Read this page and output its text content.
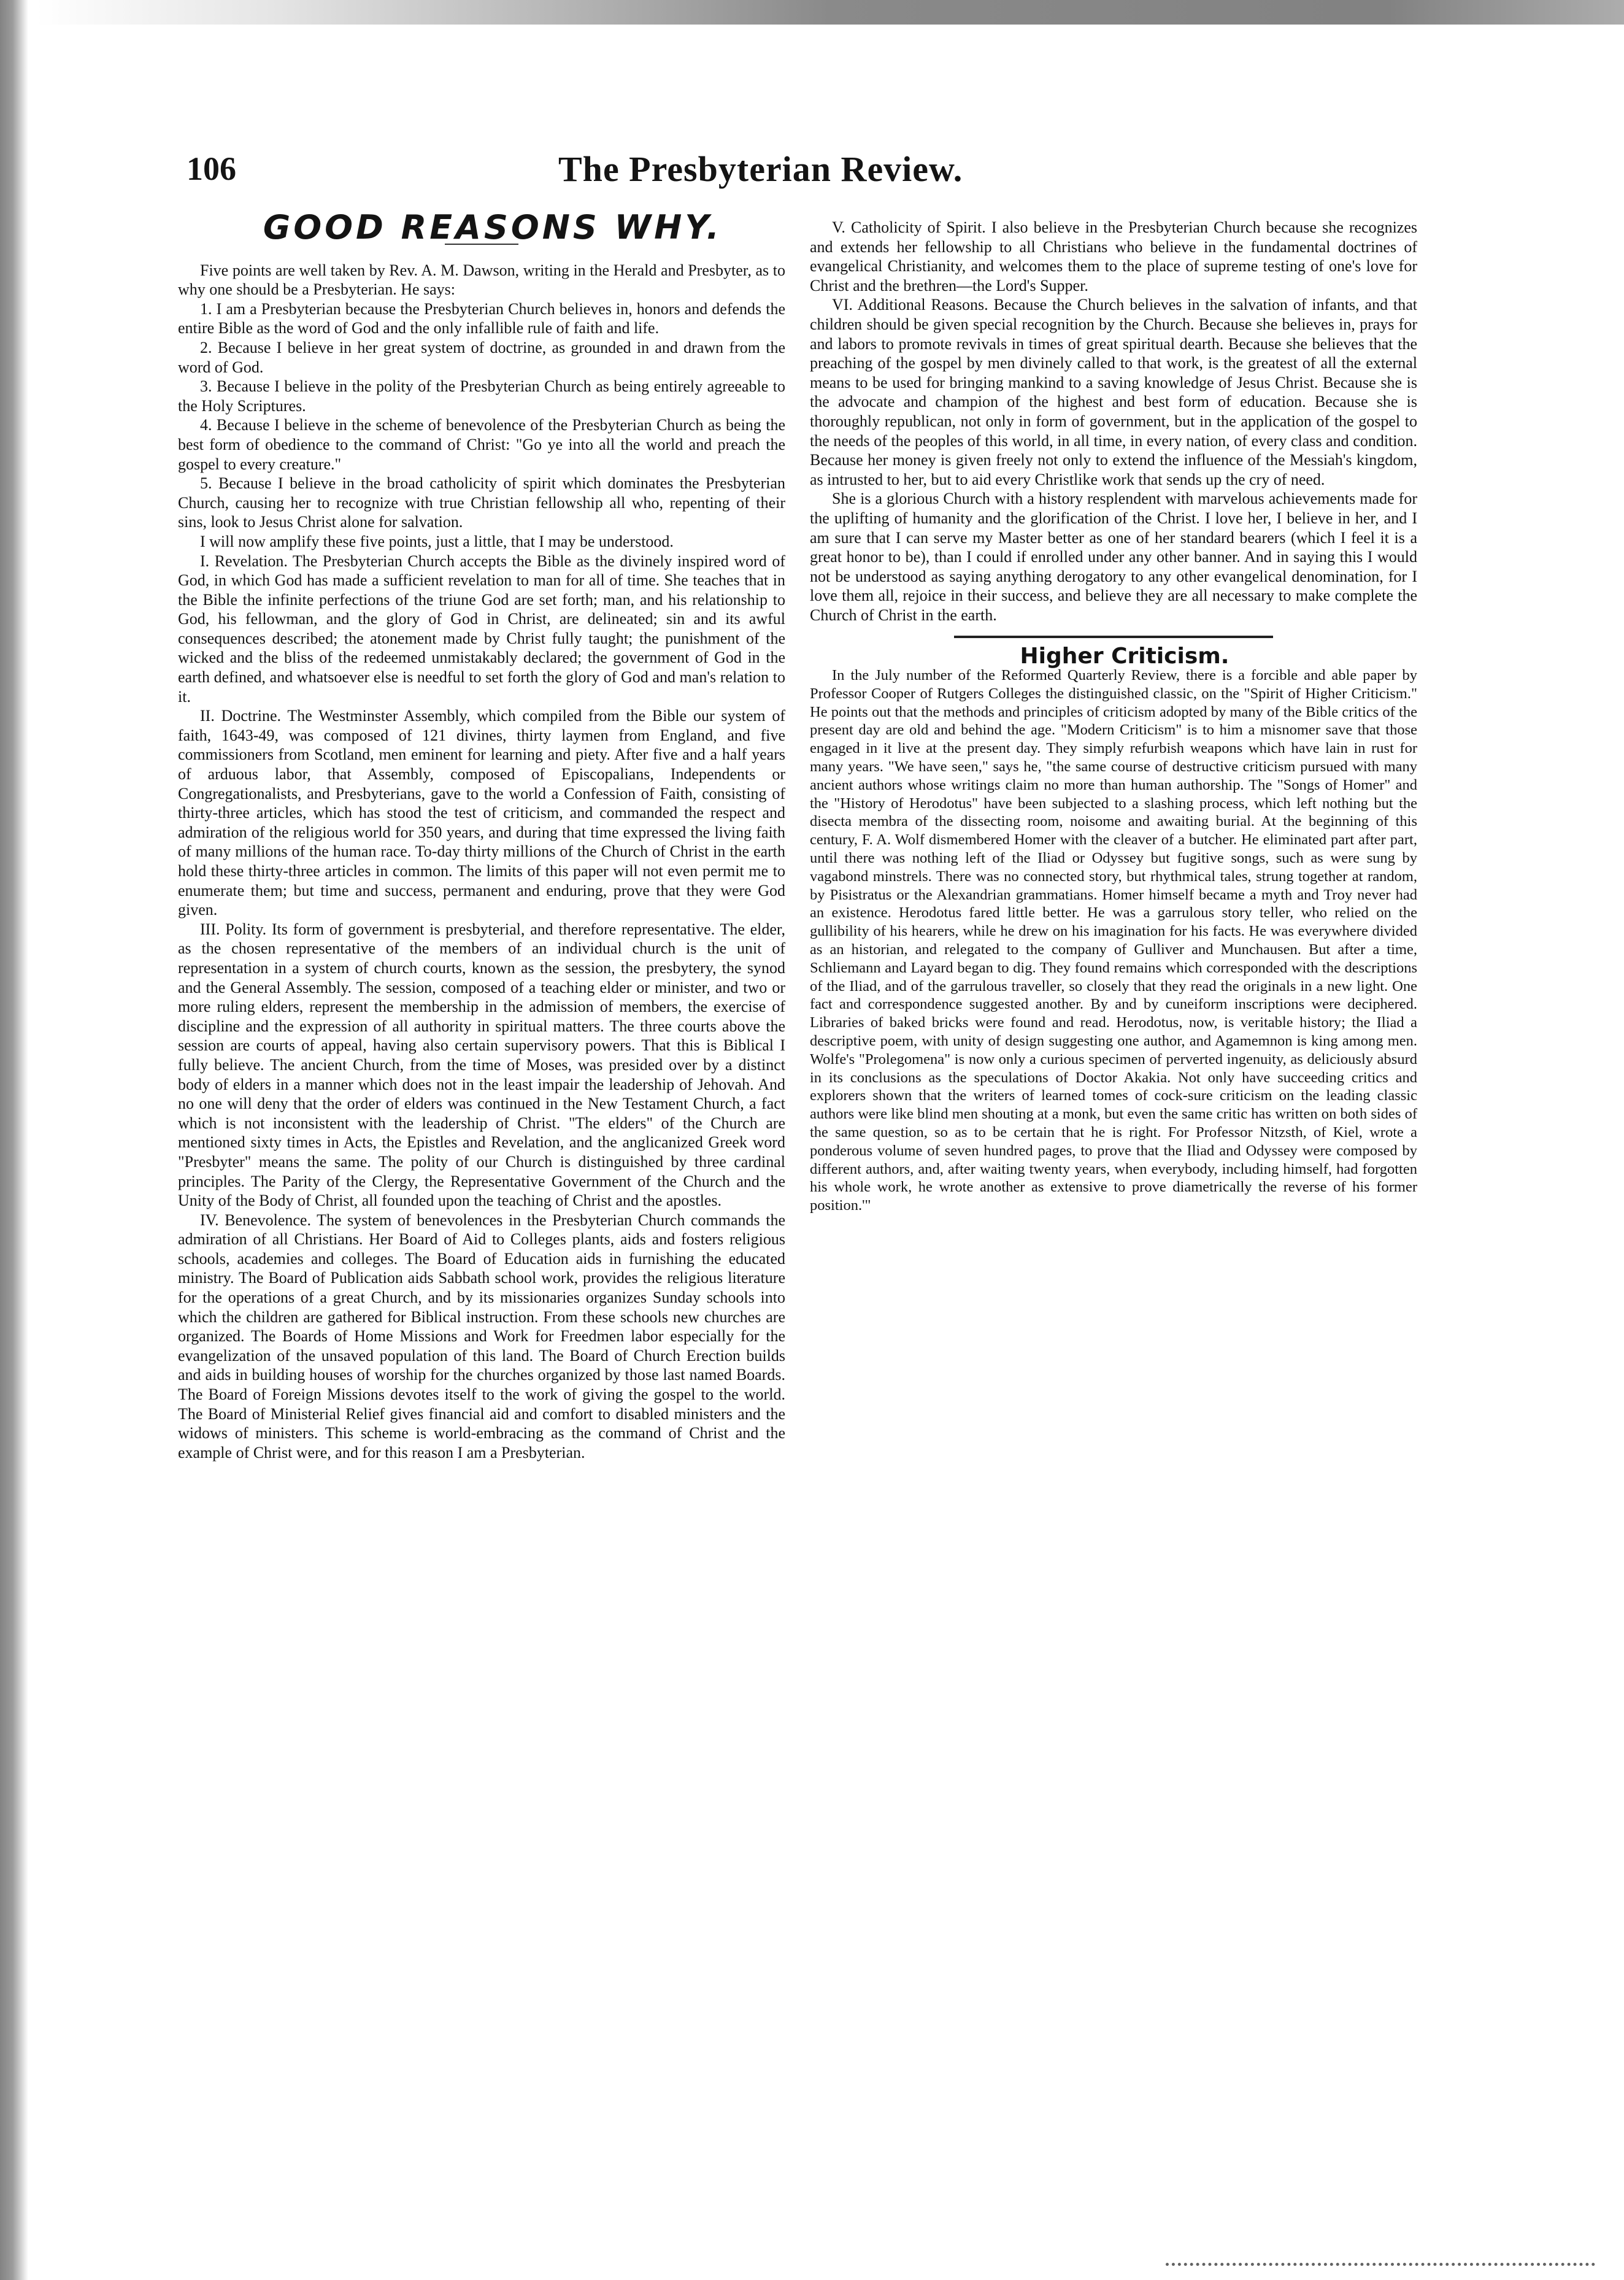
106	The Presbyterian Review.

GOOD REASONS WHY.

Five points are well taken by Rev. A. M. Dawson, writing in the Herald and Presbyter, as to why one should be a Presbyterian. He says:

1. I am a Presbyterian because the Presbyterian Church believes in, honors and defends the entire Bible as the word of God and the only infallible rule of faith and life.

2. Because I believe in her great system of doctrine, as grounded in and drawn from the word of God.

3. Because I believe in the polity of the Presbyterian Church as being entirely agreeable to the Holy Scriptures.

4. Because I believe in the scheme of benevolence of the Presbyterian Church as being the best form of obedience to the command of Christ: "Go ye into all the world and preach the gospel to every creature."

5. Because I believe in the broad catholicity of spirit which dominates the Presbyterian Church, causing her to recognize with true Christian fellowship all who, repenting of their sins, look to Jesus Christ alone for salvation.

I will now amplify these five points, just a little, that I may be understood.

I. Revelation. The Presbyterian Church accepts the Bible as the divinely inspired word of God, in which God has made a sufficient revelation to man for all of time. She teaches that in the Bible the infinite perfections of the triune God are set forth; man, and his relationship to God, his fellowman, and the glory of God in Christ, are delineated; sin and its awful consequences described; the atonement made by Christ fully taught; the punishment of the wicked and the bliss of the redeemed unmistakably declared; the government of God in the earth defined, and whatsoever else is needful to set forth the glory of God and man's relation to it.

II. Doctrine. The Westminster Assembly, which compiled from the Bible our system of faith, 1643-49, was composed of 121 divines, thirty laymen from England, and five commissioners from Scotland, men eminent for learning and piety. After five and a half years of arduous labor, that Assembly, composed of Episcopalians, Independents or Congregationalists, and Presbyterians, gave to the world a Confession of Faith, consisting of thirty-three articles, which has stood the test of criticism, and commanded the respect and admiration of the religious world for 350 years, and during that time expressed the living faith of many millions of the human race. To-day thirty millions of the Church of Christ in the earth hold these thirty-three articles in common. The limits of this paper will not even permit me to enumerate them; but time and success, permanent and enduring, prove that they were God given.

III. Polity. Its form of government is presbyterial, and therefore representative. The elder, as the chosen representative of the members of an individual church is the unit of representation in a system of church courts, known as the session, the presbytery, the synod and the General Assembly. The session, composed of a teaching elder or minister, and two or more ruling elders, represent the membership in the admission of members, the exercise of discipline and the expression of all authority in spiritual matters. The three courts above the session are courts of appeal, having also certain supervisory powers. That this is Biblical I fully believe. The ancient Church, from the time of Moses, was presided over by a distinct body of elders in a manner which does not in the least impair the leadership of Jehovah. And no one will deny that the order of elders was continued in the New Testament Church, a fact which is not inconsistent with the leadership of Christ. "The elders" of the Church are mentioned sixty times in Acts, the Epistles and Revelation, and the anglicanized Greek word "Presbyter" means the same. The polity of our Church is distinguished by three cardinal principles. The Parity of the Clergy, the Representative Government of the Church and the Unity of the Body of Christ, all founded upon the teaching of Christ and the apostles.

IV. Benevolence. The system of benevolences in the Presbyterian Church commands the admiration of all Christians. Her Board of Aid to Colleges plants, aids and fosters religious schools, academies and colleges. The Board of Education aids in furnishing the educated ministry. The Board of Publication aids Sabbath school work, provides the religious literature for the operations of a great Church, and by its missionaries organizes Sunday schools into which the children are gathered for Biblical instruction. From these schools new churches are organized. The Boards of Home Missions and Work for Freedmen labor especially for the evangelization of the unsaved population of this land. The Board of Church Erection builds and aids in building houses of worship for the churches organized by those last named Boards. The Board of Foreign Missions devotes itself to the work of giving the gospel to the world. The Board of Ministerial Relief gives financial aid and comfort to disabled ministers and the widows of ministers. This scheme is world-embracing as the command of Christ and the example of Christ were, and for this reason I am a Presbyterian.

V. Catholicity of Spirit. I also believe in the Presbyterian Church because she recognizes and extends her fellowship to all Christians who believe in the fundamental doctrines of evangelical Christianity, and welcomes them to the place of supreme testing of one's love for Christ and the brethren—the Lord's Supper.

VI. Additional Reasons. Because the Church believes in the salvation of infants, and that children should be given special recognition by the Church. Because she believes in, prays for and labors to promote revivals in times of great spiritual dearth. Because she believes that the preaching of the gospel by men divinely called to that work, is the greatest of all the external means to be used for bringing mankind to a saving knowledge of Jesus Christ. Because she is the advocate and champion of the highest and best form of education. Because she is thoroughly republican, not only in form of government, but in the application of the gospel to the needs of the peoples of this world, in all time, in every nation, of every class and condition. Because her money is given freely not only to extend the influence of the Messiah's kingdom, as intrusted to her, but to aid every Christlike work that sends up the cry of need.

She is a glorious Church with a history resplendent with marvelous achievements made for the uplifting of humanity and the glorification of the Christ. I love her, I believe in her, and I am sure that I can serve my Master better as one of her standard bearers (which I feel it is a great honor to be), than I could if enrolled under any other banner. And in saying this I would not be understood as saying anything derogatory to any other evangelical denomination, for I love them all, rejoice in their success, and believe they are all necessary to make complete the Church of Christ in the earth.

Higher Criticism.

In the July number of the Reformed Quarterly Review, there is a forcible and able paper by Professor Cooper of Rutgers Colleges the distinguished classic, on the "Spirit of Higher Criticism." He points out that the methods and principles of criticism adopted by many of the Bible critics of the present day are old and behind the age. "Modern Criticism" is to him a misnomer save that those engaged in it live at the present day. They simply refurbish weapons which have lain in rust for many years. "We have seen," says he, "the same course of destructive criticism pursued with many ancient authors whose writings claim no more than human authorship. The "Songs of Homer" and the "History of Herodotus" have been subjected to a slashing process, which left nothing but the disecta membra of the dissecting room, noisome and awaiting burial. At the beginning of this century, F. A. Wolf dismembered Homer with the cleaver of a butcher. He eliminated part after part, until there was nothing left of the Iliad or Odyssey but fugitive songs, such as were sung by vagabond minstrels. There was no connected story, but rhythmical tales, strung together at random, by Pisistratus or the Alexandrian grammatians. Homer himself became a myth and Troy never had an existence. Herodotus fared little better. He was a garrulous story teller, who relied on the gullibility of his hearers, while he drew on his imagination for his facts. He was everywhere divided as an historian, and relegated to the company of Gulliver and Munchausen. But after a time, Schliemann and Layard began to dig. They found remains which corresponded with the descriptions of the Iliad, and of the garrulous traveller, so closely that they read the originals in a new light. One fact and correspondence suggested another. By and by cuneiform inscriptions were deciphered. Libraries of baked bricks were found and read. Herodotus, now, is veritable history; the Iliad a descriptive poem, with unity of design suggesting one author, and Agamemnon is king among men. Wolfe's "Prolegomena" is now only a curious specimen of perverted ingenuity, as deliciously absurd in its conclusions as the speculations of Doctor Akakia. Not only have succeeding critics and explorers shown that the writers of learned tomes of cock-sure criticism on the leading classic authors were like blind men shouting at a monk, but even the same critic has written on both sides of the same question, so as to be certain that he is right. For Professor Nitzsth, of Kiel, wrote a ponderous volume of seven hundred pages, to prove that the Iliad and Odyssey were composed by different authors, and, after waiting twenty years, when everybody, including himself, had forgotten his whole work, he wrote another as extensive to prove diametrically the reverse of his former position.'"
